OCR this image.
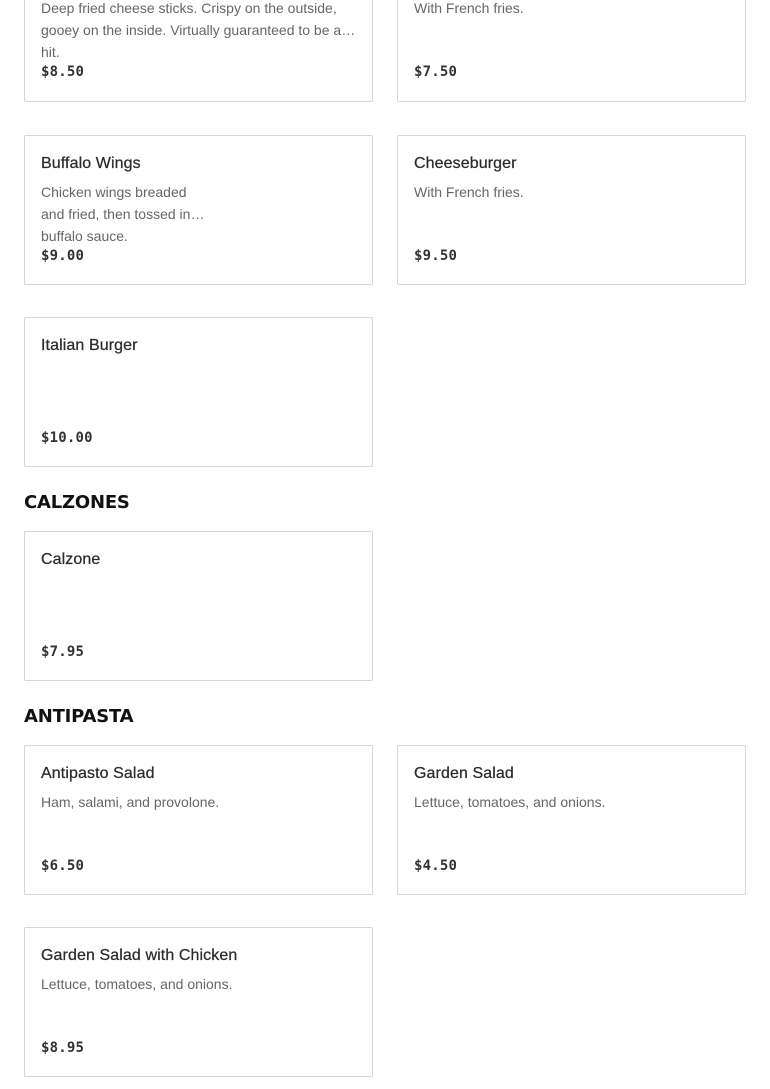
Deep fried cheese sticks. Crispy on the outside, gooey on the inside. Virtually guaranteed to be a hit.
$8.50
With French fries.
$7.50
Buffalo Wings
Chicken wings breaded and fried, then tossed in buffalo sauce.
$9.00
Cheeseburger
With French fries.
$9.50
Italian Burger
$10.00
CALZONES
Calzone
$7.95
ANTIPASTA
Antipasto Salad
Ham, salami, and provolone.
$6.50
Garden Salad
Lettuce, tomatoes, and onions.
$4.50
Garden Salad with Chicken
Lettuce, tomatoes, and onions.
$8.95
